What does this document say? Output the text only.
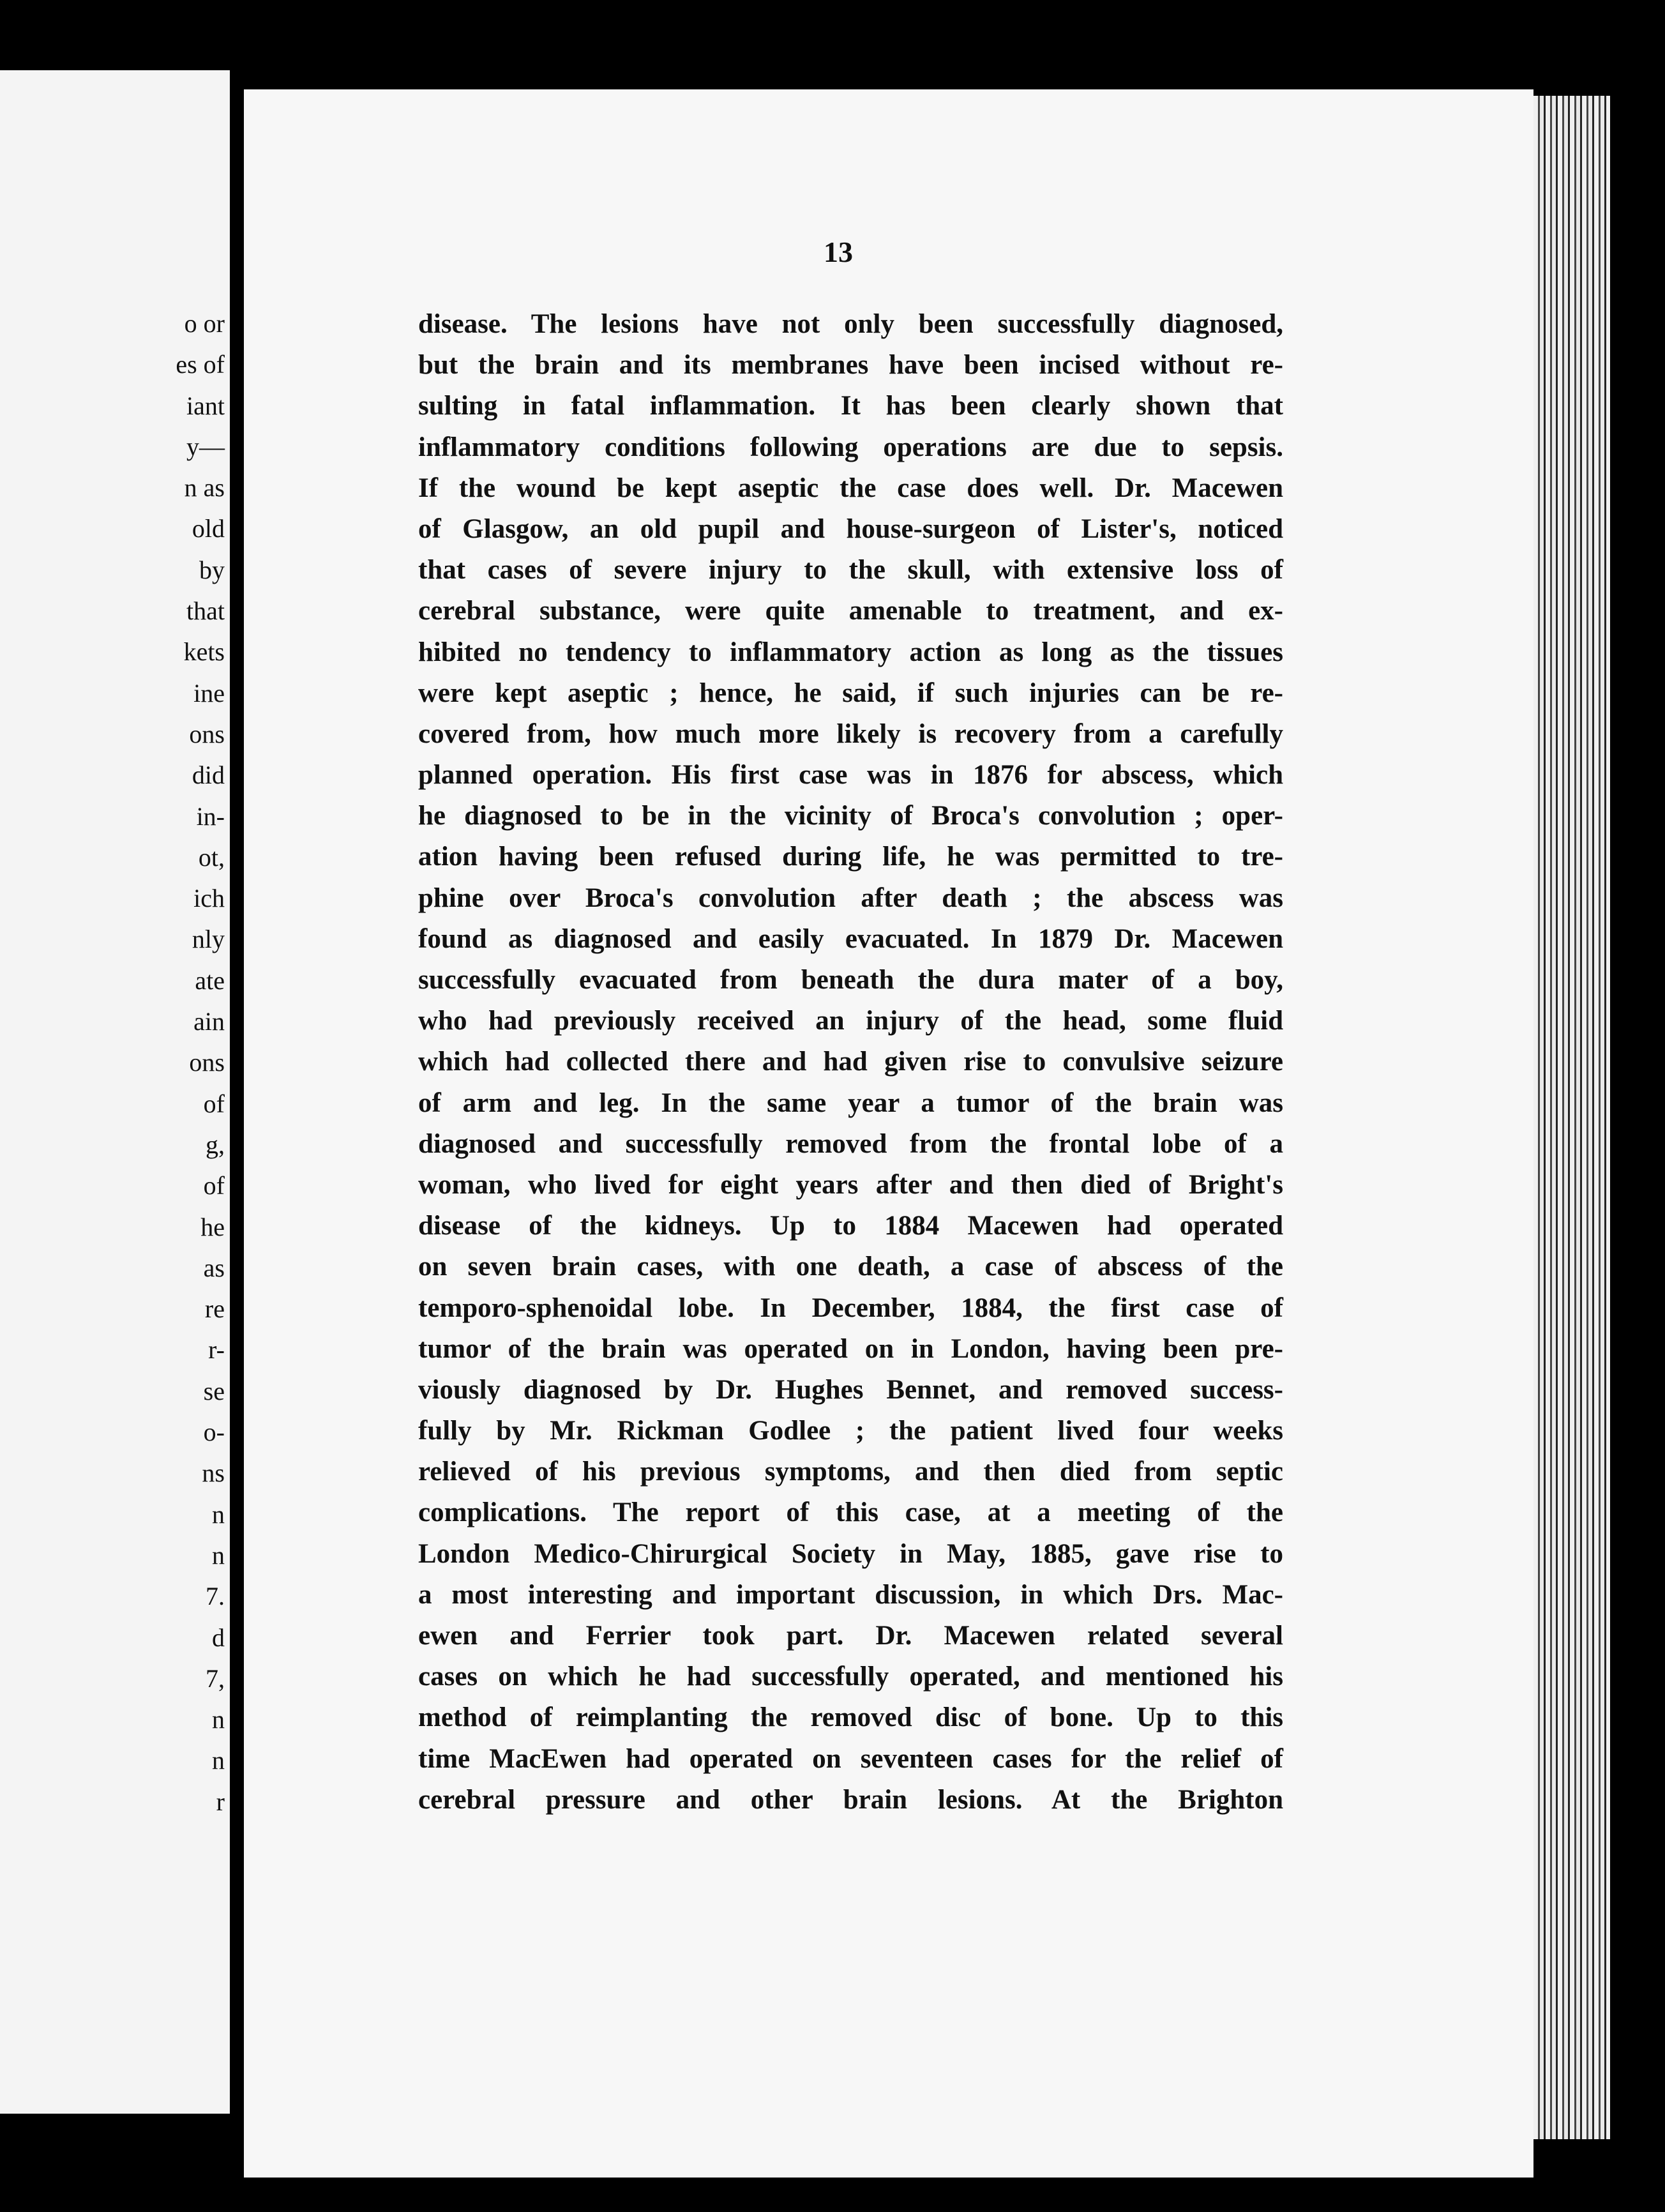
o or
es of
iant
y—
n as
old
by
that
kets
ine
ons
did
in-
ot,
ich
nly
ate
ain
ons
of
g,
of
he
as
re
r-
se
o-
ns
n
n
7.
d
7,
n
n
r
13
disease. The lesions have not only been successfully diagnosed,
but the brain and its membranes have been incised without re-
sulting in fatal inflammation. It has been clearly shown that
inflammatory conditions following operations are due to sepsis.
If the wound be kept aseptic the case does well. Dr. Macewen
of Glasgow, an old pupil and house-surgeon of Lister's, noticed
that cases of severe injury to the skull, with extensive loss of
cerebral substance, were quite amenable to treatment, and ex-
hibited no tendency to inflammatory action as long as the tissues
were kept aseptic ; hence, he said, if such injuries can be re-
covered from, how much more likely is recovery from a carefully
planned operation. His first case was in 1876 for abscess, which
he diagnosed to be in the vicinity of Broca's convolution ; oper-
ation having been refused during life, he was permitted to tre-
phine over Broca's convolution after death ; the abscess was
found as diagnosed and easily evacuated. In 1879 Dr. Macewen
successfully evacuated from beneath the dura mater of a boy,
who had previously received an injury of the head, some fluid
which had collected there and had given rise to convulsive seizure
of arm and leg. In the same year a tumor of the brain was
diagnosed and successfully removed from the frontal lobe of a
woman, who lived for eight years after and then died of Bright's
disease of the kidneys. Up to 1884 Macewen had operated
on seven brain cases, with one death, a case of abscess of the
temporo-sphenoidal lobe. In December, 1884, the first case of
tumor of the brain was operated on in London, having been pre-
viously diagnosed by Dr. Hughes Bennet, and removed success-
fully by Mr. Rickman Godlee ; the patient lived four weeks
relieved of his previous symptoms, and then died from septic
complications. The report of this case, at a meeting of the
London Medico-Chirurgical Society in May, 1885, gave rise to
a most interesting and important discussion, in which Drs. Mac-
ewen and Ferrier took part. Dr. Macewen related several
cases on which he had successfully operated, and mentioned his
method of reimplanting the removed disc of bone. Up to this
time MacEwen had operated on seventeen cases for the relief of
cerebral pressure and other brain lesions. At the Brighton
